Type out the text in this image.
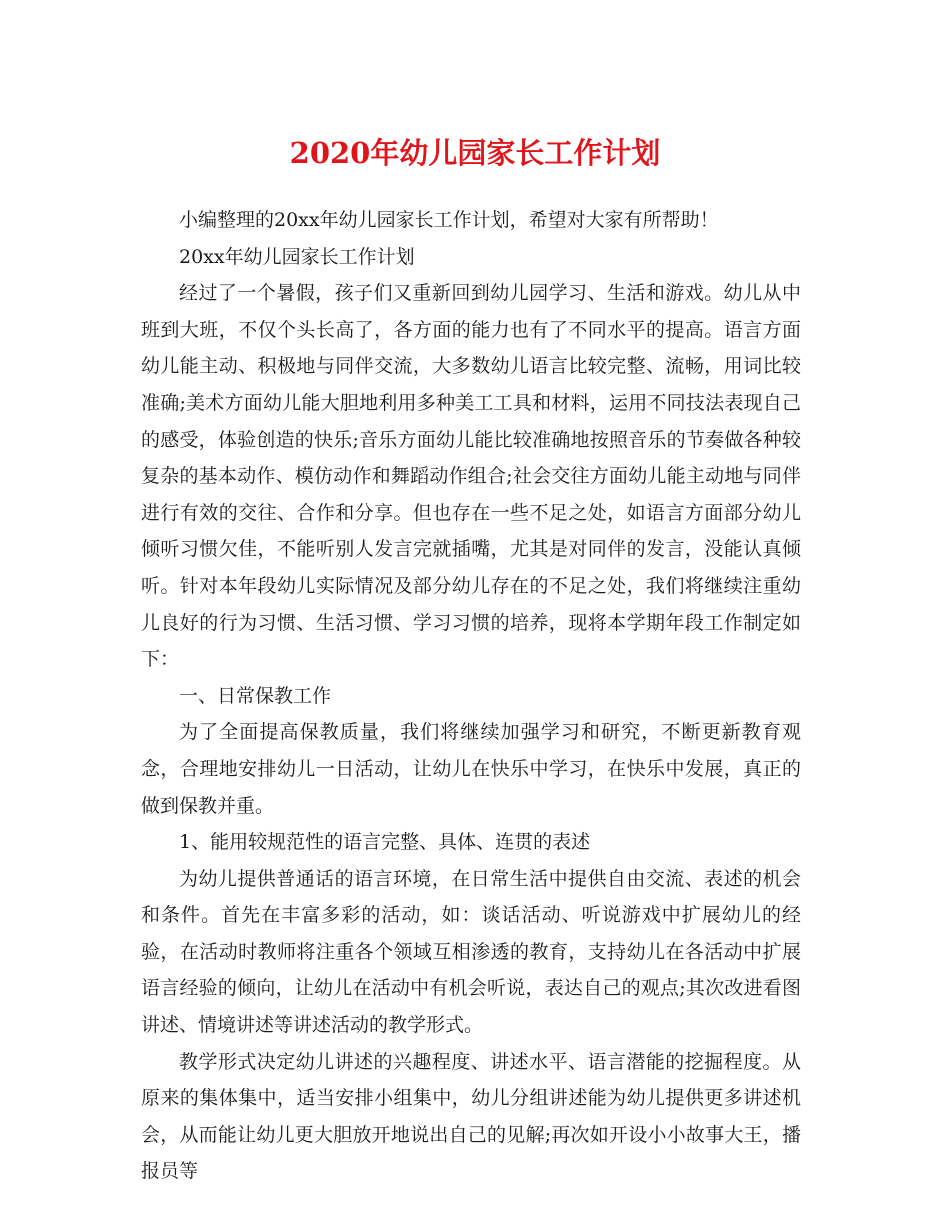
2020年幼儿园家长工作计划

小编整理的20xx年幼儿园家长工作计划，希望对大家有所帮助！

20xx年幼儿园家长工作计划

经过了一个暑假，孩子们又重新回到幼儿园学习、生活和游戏。幼儿从中班到大班，不仅个头长高了，各方面的能力也有了不同水平的提高。语言方面幼儿能主动、积极地与同伴交流，大多数幼儿语言比较完整、流畅，用词比较准确;美术方面幼儿能大胆地利用多种美工工具和材料，运用不同技法表现自己的感受，体验创造的快乐;音乐方面幼儿能比较准确地按照音乐的节奏做各种较复杂的基本动作、模仿动作和舞蹈动作组合;社会交往方面幼儿能主动地与同伴进行有效的交往、合作和分享。但也存在一些不足之处，如语言方面部分幼儿倾听习惯欠佳，不能听别人发言完就插嘴，尤其是对同伴的发言，没能认真倾听。针对本年段幼儿实际情况及部分幼儿存在的不足之处，我们将继续注重幼儿良好的行为习惯、生活习惯、学习习惯的培养，现将本学期年段工作制定如下：

一、日常保教工作

为了全面提高保教质量，我们将继续加强学习和研究，不断更新教育观念，合理地安排幼儿一日活动，让幼儿在快乐中学习，在快乐中发展，真正的做到保教并重。

1、能用较规范性的语言完整、具体、连贯的表述

为幼儿提供普通话的语言环境，在日常生活中提供自由交流、表述的机会和条件。首先在丰富多彩的活动，如：谈话活动、听说游戏中扩展幼儿的经验，在活动时教师将注重各个领域互相渗透的教育，支持幼儿在各活动中扩展语言经验的倾向，让幼儿在活动中有机会听说，表达自己的观点;其次改进看图讲述、情境讲述等讲述活动的教学形式。

教学形式决定幼儿讲述的兴趣程度、讲述水平、语言潜能的挖掘程度。从原来的集体集中，适当安排小组集中，幼儿分组讲述能为幼儿提供更多讲述机会，从而能让幼儿更大胆放开地说出自己的见解;再次如开设小小故事大王，播报员等
